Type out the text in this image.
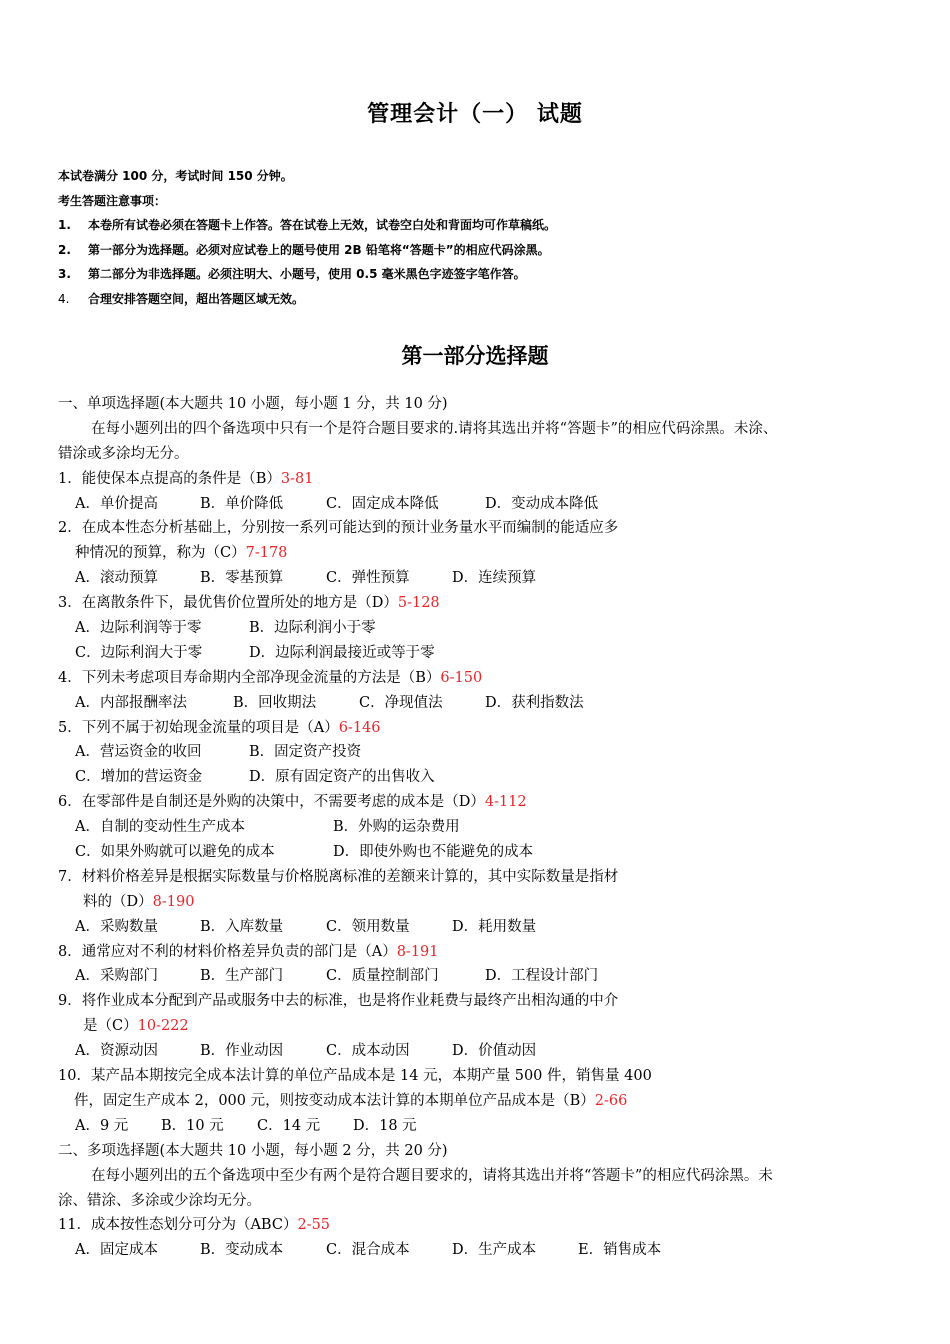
管理会计（一） 试题
本试卷满分 100 分，考试时间 150 分钟。
考生答题注意事项：
1. 本卷所有试卷必须在答题卡上作答。答在试卷上无效，试卷空白处和背面均可作草稿纸。
2. 第一部分为选择题。必须对应试卷上的题号使用 2B 铅笔将“答题卡”的相应代码涂黑。
3. 第二部分为非选择题。必须注明大、小题号，使用 0.5 毫米黑色字迹签字笔作答。
4. 合理安排答题空间，超出答题区域无效。
第一部分选择题
一、单项选择题(本大题共 10 小题，每小题 1 分，共 10 分)
在每小题列出的四个备选项中只有一个是符合题目要求的.请将其选出并将“答题卡”的相应代码涂黑。未涂、
错涂或多涂均无分。
1．能使保本点提高的条件是（B）3-81
A．单价提高	B．单价降低	C．固定成本降低	D．变动成本降低
2．在成本性态分析基础上，分别按一系列可能达到的预计业务量水平而编制的能适应多
种情况的预算，称为（C）7-178
A．滚动预算	B．零基预算	C．弹性预算	D．连续预算
3．在离散条件下，最优售价位置所处的地方是（D）5-128
A．边际利润等于零	B．边际利润小于零
C．边际利润大于零	D．边际利润最接近或等于零
4．下列未考虑项目寿命期内全部净现金流量的方法是（B）6-150
A．内部报酬率法	B．回收期法	C．净现值法	D．获利指数法
5．下列不属于初始现金流量的项目是（A）6-146
A．营运资金的收回	B．固定资产投资
C．增加的营运资金	D．原有固定资产的出售收入
6．在零部件是自制还是外购的决策中，不需要考虑的成本是（D）4-112
A．自制的变动性生产成本	B．外购的运杂费用
C．如果外购就可以避免的成本	D．即使外购也不能避免的成本
7．材料价格差异是根据实际数量与价格脱离标准的差额来计算的，其中实际数量是指材
料的（D）8-190
A．采购数量	B．入库数量	C．领用数量	D．耗用数量
8．通常应对不利的材料价格差异负责的部门是（A）8-191
A．采购部门	B．生产部门	C．质量控制部门	D．工程设计部门
9．将作业成本分配到产品或服务中去的标准，也是将作业耗费与最终产出相沟通的中介
是（C）10-222
A．资源动因	B．作业动因	C．成本动因	D．价值动因
10．某产品本期按完全成本法计算的单位产品成本是 14 元，本期产量 500 件，销售量 400
件，固定生产成本 2，000 元，则按变动成本法计算的本期单位产品成本是（B）2-66
A．9 元 B．10 元 C．14 元 D．18 元
二、多项选择题(本大题共 10 小题，每小题 2 分，共 20 分)
在每小题列出的五个备选项中至少有两个是符合题目要求的，请将其选出并将“答题卡”的相应代码涂黑。未
涂、错涂、多涂或少涂均无分。
11．成本按性态划分可分为（ABC）2-55
A．固定成本	B．变动成本	C．混合成本	D．生产成本	E．销售成本
